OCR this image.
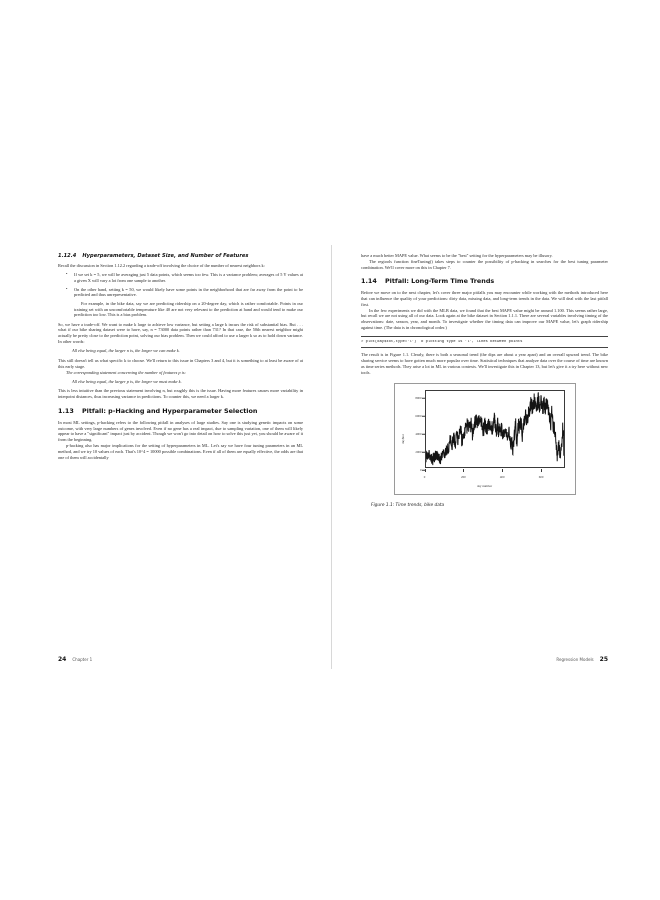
1.12.4 Hyperparameters, Dataset Size, and Number of Features

Recall the discussion in Section 1.12.2 regarding a trade-off involving the choice of the number of nearest neighbors k:

• If we set k = 5, we will be averaging just 5 data points, which seems too few. This is a variance problem; averages of 5 Y values at a given X will vary a lot from one sample to another.
• On the other hand, setting k = 50, we would likely have some points in the neighborhood that are far away from the point to be predicted and thus unrepresentative.

For example, in the bike data, say we are predicting ridership on a 20-degree day, which is rather comfortable. Points in our training set with an uncomfortable temperature like 40 are not very relevant to the prediction at hand and would tend to make our prediction too low. This is a bias problem.

So, we have a trade-off. We want to make k large to achieve low variance, but setting a large k incurs the risk of substantial bias. But . . . what if our bike sharing dataset were to have, say, n = 73000 data points rather than 731? In that case, the 50th nearest neighbor might actually be pretty close to the prediction point, solving our bias problem. Then we could afford to use a larger k so as to hold down variance. In other words:

All else being equal, the larger n is, the larger we can make k.

This still doesn't tell us what specific k to choose. We'll return to this issue in Chapters 3 and 4, but it is something to at least be aware of at this early stage.

The corresponding statement concerning the number of features p is:

All else being equal, the larger p is, the larger we must make k.

This is less intuitive than the previous statement involving n, but roughly this is the issue. Having more features causes more variability in interpoint distances, thus increasing variance in predictions. To counter this, we need a larger k.

1.13	Pitfall: p-Hacking and Hyperparameter Selection

In most ML settings, p-hacking refers to the following pitfall in analyses of large studies. Say one is studying genetic impacts on some outcome, with very large numbers of genes involved. Even if no gene has a real impact, due to sampling variation, one of them will likely appear to have a "significant" impact just by accident. Though we won't go into detail on how to solve this just yet, you should be aware of it from the beginning.

p-hacking also has major implications for the setting of hyperparameters in ML. Let's say we have four tuning parameters in an ML method, and we try 10 values of each. That's 10^4 = 10000 possible combinations. Even if all of them are equally effective, the odds are that one of them will accidentally

24 Chapter 1

have a much better MAPE value. What seems to be the "best" setting for the hyperparameters may be illusory.

The regtools function fineTuning() takes steps to counter the possibility of p-hacking in searches for the best tuning parameter combination. We'll cover more on this in Chapter 7.

1.14	Pitfall: Long-Term Time Trends

Before we move on to the next chapter, let's cover three major pitfalls you may encounter while working with the methods introduced here that can influence the quality of your predictions: dirty data, missing data, and long-term trends in the data. We will deal with the last pitfall first.

In the few experiments we did with the MLB data, we found that the best MAPE value might be around 1.100. This seems rather large, but recall we are not using all of our data. Look again at the bike dataset in Section 1.1.1. There are several variables involving timing of the observations: date, season, year, and month. To investigate whether the timing data can improve our MAPE value, let's graph ridership against time. (The data is in chronological order.)

> plot(day$tot,type='l')  # plotting type is 'l', lines between points

The result is in Figure 1.1. Clearly, there is both a seasonal trend (the dips are about a year apart) and an overall upward trend. The bike sharing service seems to have gotten much more popular over time. Statistical techniques that analyze data over the course of time are known as time series methods. They arise a lot in ML in various contexts. We'll investigate this in Chapter 13, but let's give it a try here without new tools.

day$tot
day number
0
2000
4000
6000
8000
0	200	400	600
Figure 1.1: Time trends, bike data
Regression Models 25
